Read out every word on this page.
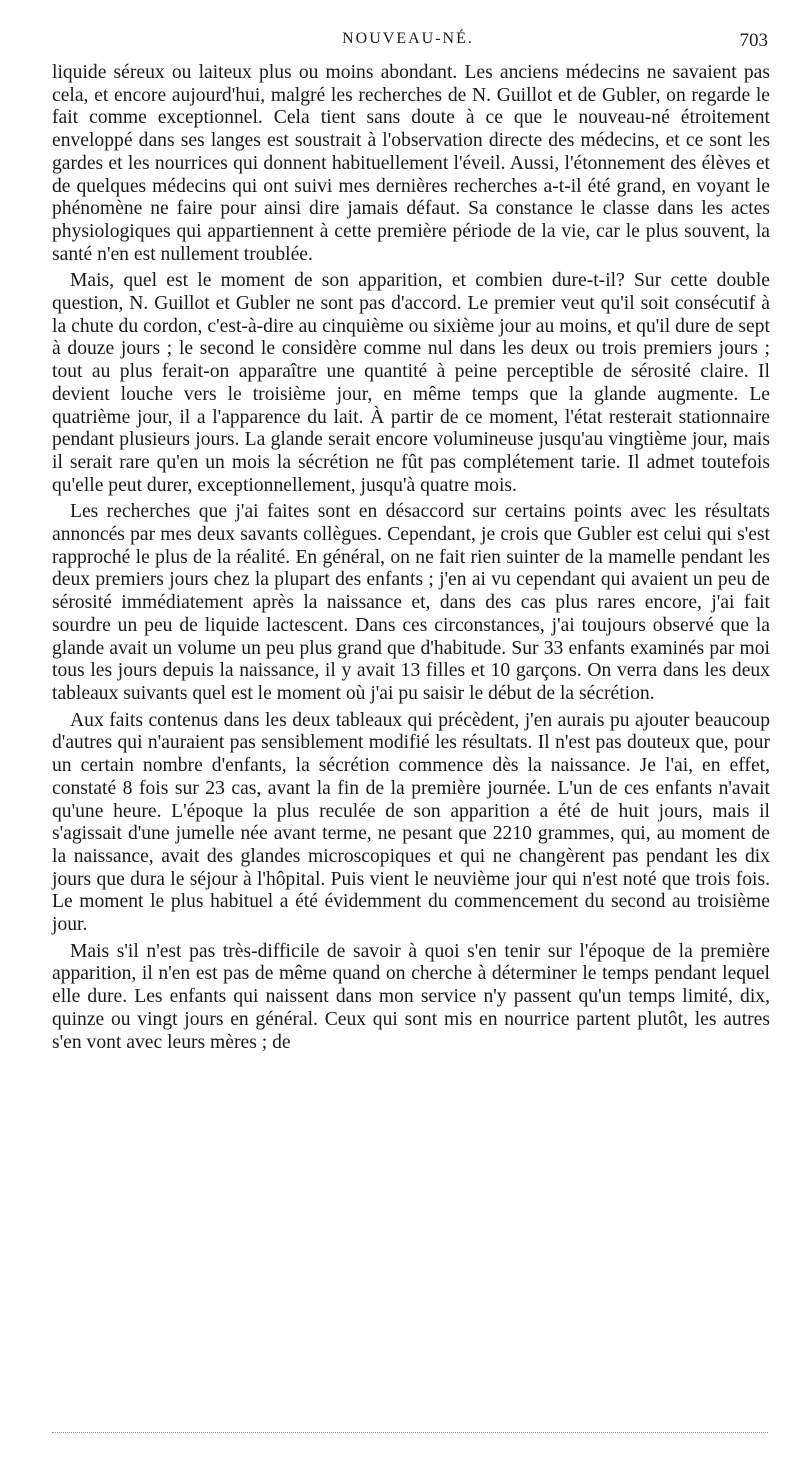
NOUVEAU-NÉ.	703

liquide séreux ou laiteux plus ou moins abondant. Les anciens médecins ne savaient pas cela, et encore aujourd'hui, malgré les recherches de N. Guillot et de Gubler, on regarde le fait comme exceptionnel. Cela tient sans doute à ce que le nouveau-né étroitement enveloppé dans ses langes est soustrait à l'observation directe des médecins, et ce sont les gardes et les nourrices qui donnent habituellement l'éveil. Aussi, l'étonnement des élèves et de quelques médecins qui ont suivi mes dernières recherches a-t-il été grand, en voyant le phénomène ne faire pour ainsi dire jamais défaut. Sa constance le classe dans les actes physiologiques qui appartiennent à cette première période de la vie, car le plus souvent, la santé n'en est nullement troublée.

Mais, quel est le moment de son apparition, et combien dure-t-il? Sur cette double question, N. Guillot et Gubler ne sont pas d'accord. Le premier veut qu'il soit consécutif à la chute du cordon, c'est-à-dire au cinquième ou sixième jour au moins, et qu'il dure de sept à douze jours ; le second le considère comme nul dans les deux ou trois premiers jours ; tout au plus ferait-on apparaître une quantité à peine perceptible de sérosité claire. Il devient louche vers le troisième jour, en même temps que la glande augmente. Le quatrième jour, il a l'apparence du lait. À partir de ce moment, l'état resterait stationnaire pendant plusieurs jours. La glande serait encore volumineuse jusqu'au vingtième jour, mais il serait rare qu'en un mois la sécrétion ne fût pas complétement tarie. Il admet toutefois qu'elle peut durer, exceptionnellement, jusqu'à quatre mois.

Les recherches que j'ai faites sont en désaccord sur certains points avec les résultats annoncés par mes deux savants collègues. Cependant, je crois que Gubler est celui qui s'est rapproché le plus de la réalité. En général, on ne fait rien suinter de la mamelle pendant les deux premiers jours chez la plupart des enfants ; j'en ai vu cependant qui avaient un peu de sérosité immédiatement après la naissance et, dans des cas plus rares encore, j'ai fait sourdre un peu de liquide lactescent. Dans ces circonstances, j'ai toujours observé que la glande avait un volume un peu plus grand que d'habitude. Sur 33 enfants examinés par moi tous les jours depuis la naissance, il y avait 13 filles et 10 garçons. On verra dans les deux tableaux suivants quel est le moment où j'ai pu saisir le début de la sécrétion.

Aux faits contenus dans les deux tableaux qui précèdent, j'en aurais pu ajouter beaucoup d'autres qui n'auraient pas sensiblement modifié les résultats. Il n'est pas douteux que, pour un certain nombre d'enfants, la sécrétion commence dès la naissance. Je l'ai, en effet, constaté 8 fois sur 23 cas, avant la fin de la première journée. L'un de ces enfants n'avait qu'une heure. L'époque la plus reculée de son apparition a été de huit jours, mais il s'agissait d'une jumelle née avant terme, ne pesant que 2210 grammes, qui, au moment de la naissance, avait des glandes microscopiques et qui ne changèrent pas pendant les dix jours que dura le séjour à l'hôpital. Puis vient le neuvième jour qui n'est noté que trois fois. Le moment le plus habituel a été évidemment du commencement du second au troisième jour.

Mais s'il n'est pas très-difficile de savoir à quoi s'en tenir sur l'époque de la première apparition, il n'en est pas de même quand on cherche à déterminer le temps pendant lequel elle dure. Les enfants qui naissent dans mon service n'y passent qu'un temps limité, dix, quinze ou vingt jours en général. Ceux qui sont mis en nourrice partent plutôt, les autres s'en vont avec leurs mères ; de
